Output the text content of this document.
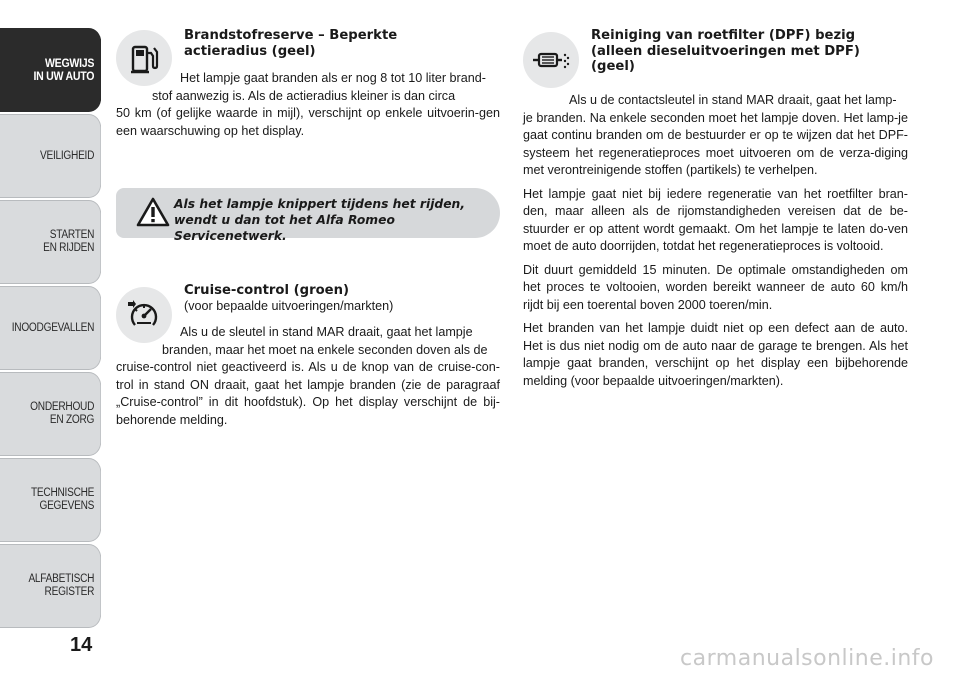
WEGWIJS
IN UW AUTO
VEILIGHEID
STARTEN
EN RIJDEN
INOODGEVALLEN
ONDERHOUD
EN ZORG
TECHNISCHE
GEGEVENS
ALFABETISCH
REGISTER
14
Brandstofreserve – Beperkte
actieradius (geel)

Het lampje gaat branden als er nog 8 tot 10 liter brand-

stof aanwezig is. Als de actieradius kleiner is dan circa

50 km (of gelijke waarde in mijl), verschijnt op enkele uitvoerin-gen een waarschuwing op het display.

Als het lampje knippert tijdens het rijden, wendt u dan tot het Alfa Romeo Servicenetwerk.
Cruise-control (groen)
(voor bepaalde uitvoeringen/markten)

Als u de sleutel in stand MAR draait, gaat het lampje

branden, maar het moet na enkele seconden doven als de

cruise-control niet geactiveerd is. Als u de knop van de cruise-con-trol in stand ON draait, gaat het lampje branden (zie de paragraaf „Cruise-control” in dit hoofdstuk). Op het display verschijnt de bij-behorende melding.

Reiniging van roetfilter (DPF) bezig
(alleen dieseluitvoeringen met DPF)
(geel)

Als u de contactsleutel in stand MAR draait, gaat het lamp-

je branden. Na enkele seconden moet het lampje doven. Het lamp-je gaat continu branden om de bestuurder er op te wijzen dat het DPF-systeem het regeneratieproces moet uitvoeren om de verza-diging met verontreinigende stoffen (partikels) te verhelpen.

Het lampje gaat niet bij iedere regeneratie van het roetfilter bran-den, maar alleen als de rijomstandigheden vereisen dat de be-stuurder er op attent wordt gemaakt. Om het lampje te laten do-ven moet de auto doorrijden, totdat het regeneratieproces is voltooid.

Dit duurt gemiddeld 15 minuten. De optimale omstandigheden om het proces te voltooien, worden bereikt wanneer de auto 60 km/h rijdt bij een toerental boven 2000 toeren/min.

Het branden van het lampje duidt niet op een defect aan de auto. Het is dus niet nodig om de auto naar de garage te brengen. Als het lampje gaat branden, verschijnt op het display een bijbehorende melding (voor bepaalde uitvoeringen/markten).

carmanualsonline.info
